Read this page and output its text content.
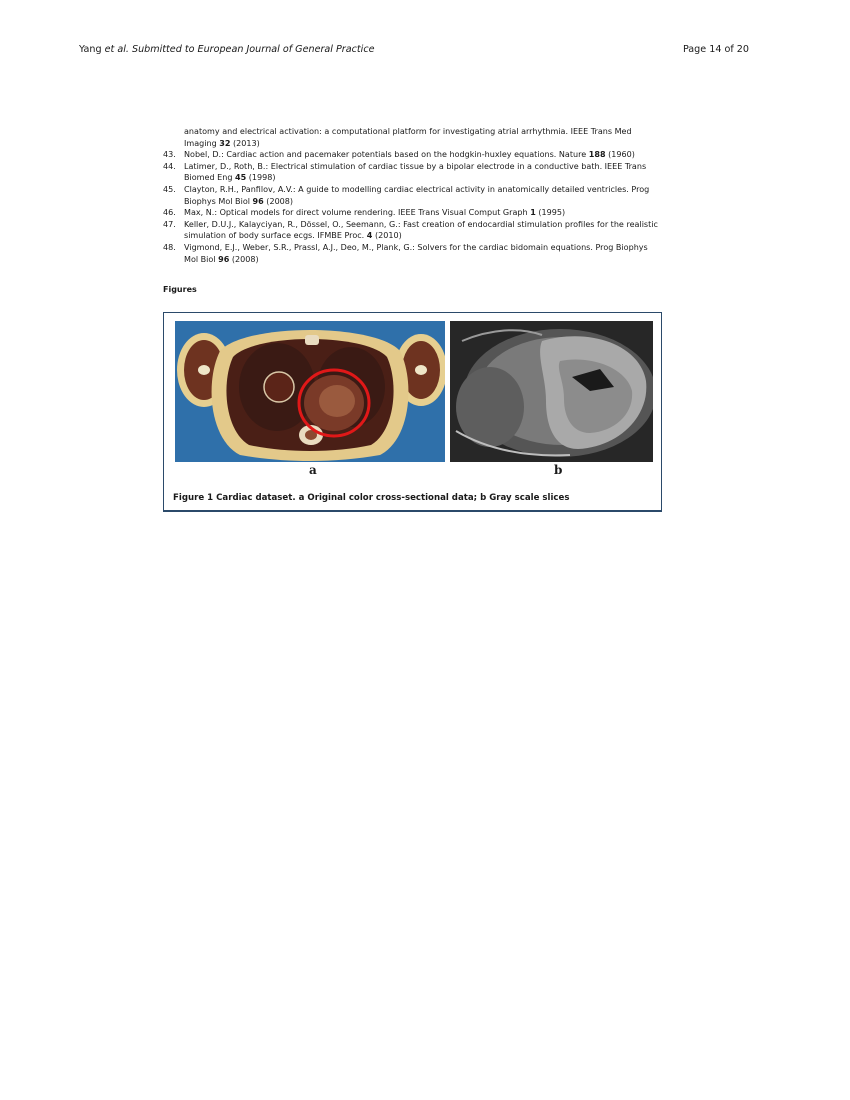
Yang et al. Submitted to European Journal of General Practice	Page 14 of 20
anatomy and electrical activation: a computational platform for investigating atrial arrhythmia. IEEE Trans Med Imaging 32 (2013)
43. Nobel, D.: Cardiac action and pacemaker potentials based on the hodgkin-huxley equations. Nature 188 (1960)
44. Latimer, D., Roth, B.: Electrical stimulation of cardiac tissue by a bipolar electrode in a conductive bath. IEEE Trans Biomed Eng 45 (1998)
45. Clayton, R.H., Panfilov, A.V.: A guide to modelling cardiac electrical activity in anatomically detailed ventricles. Prog Biophys Mol Biol 96 (2008)
46. Max, N.: Optical models for direct volume rendering. IEEE Trans Visual Comput Graph 1 (1995)
47. Keller, D.U.J., Kalayciyan, R., Dössel, O., Seemann, G.: Fast creation of endocardial stimulation profiles for the realistic simulation of body surface ecgs. IFMBE Proc. 4 (2010)
48. Vigmond, E.J., Weber, S.R., Prassl, A.J., Deo, M., Plank, G.: Solvers for the cardiac bidomain equations. Prog Biophys Mol Biol 96 (2008)
Figures
a	b
Figure 1 Cardiac dataset. a Original color cross-sectional data; b Gray scale slices
